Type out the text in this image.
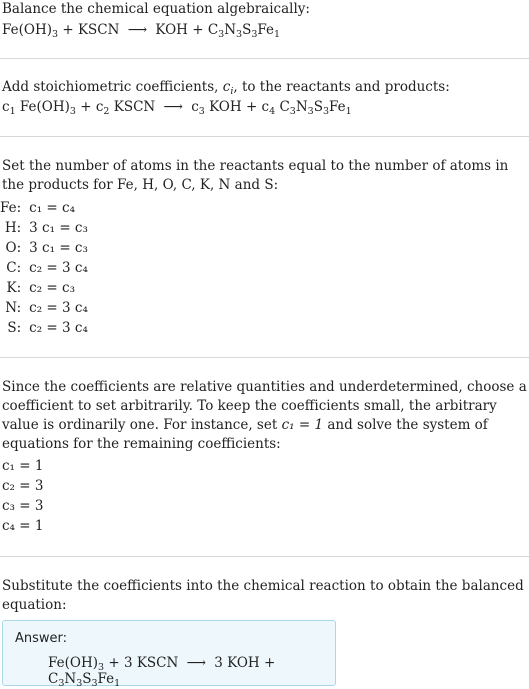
Balance the chemical equation algebraically:
$Fe(OH)_3$ + KSCN ⟶ KOH + $C_3N_3S_3Fe_1$
Add stoichiometric coefficients, $c_i$, to the reactants and products:
$c_1$ $Fe(OH)_3 + c_2$ KSCN ⟶ $c_3$ KOH + $c_4$ $C_3N_3S_3Fe_1$
Set the number of atoms in the reactants equal to the number of atoms in the products for Fe, H, O, C, K, N and S:
Fe:	c₁ = c₄
H:	3 c₁ = c₃
O:	3 c₁ = c₃
C:	c₂ = 3 c₄
K:	c₂ = c₃
N:	c₂ = 3 c₄
S:	c₂ = 3 c₄
Since the coefficients are relative quantities and underdetermined, choose a coefficient to set arbitrarily. To keep the coefficients small, the arbitrary value is ordinarily one. For instance, set c₁ = 1 and solve the system of equations for the remaining coefficients:
c₁ = 1
c₂ = 3
c₃ = 3
c₄ = 1
Substitute the coefficients into the chemical reaction to obtain the balanced equation:
Answer:
$Fe(OH)_3 + 3$ KSCN ⟶ 3 KOH + $C_3N_3S_3Fe_1$
